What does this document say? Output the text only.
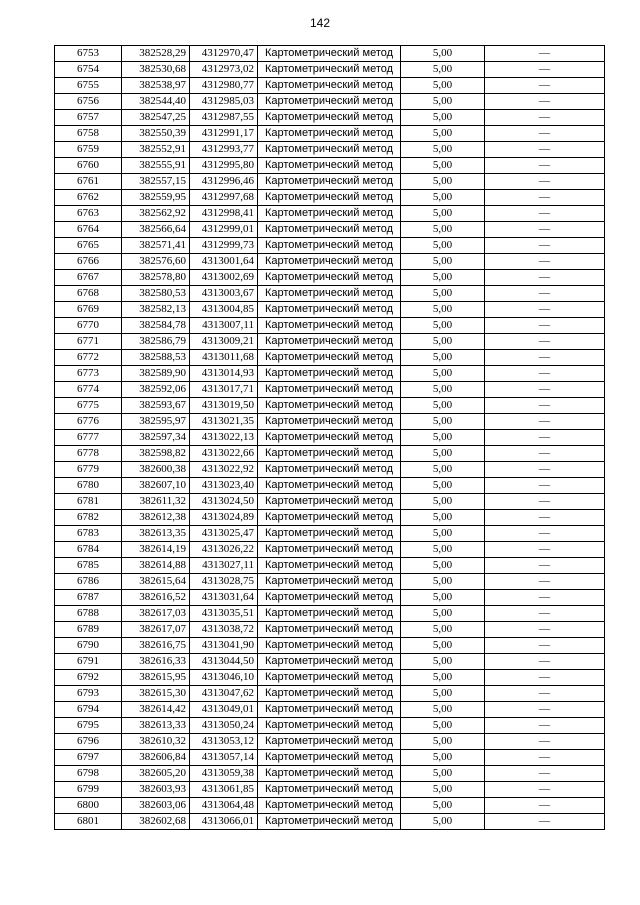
142
6753	382528,29	4312970,47	Картометрический метод	5,00	—
6754	382530,68	4312973,02	Картометрический метод	5,00	—
6755	382538,97	4312980,77	Картометрический метод	5,00	—
6756	382544,40	4312985,03	Картометрический метод	5,00	—
6757	382547,25	4312987,55	Картометрический метод	5,00	—
6758	382550,39	4312991,17	Картометрический метод	5,00	—
6759	382552,91	4312993,77	Картометрический метод	5,00	—
6760	382555,91	4312995,80	Картометрический метод	5,00	—
6761	382557,15	4312996,46	Картометрический метод	5,00	—
6762	382559,95	4312997,68	Картометрический метод	5,00	—
6763	382562,92	4312998,41	Картометрический метод	5,00	—
6764	382566,64	4312999,01	Картометрический метод	5,00	—
6765	382571,41	4312999,73	Картометрический метод	5,00	—
6766	382576,60	4313001,64	Картометрический метод	5,00	—
6767	382578,80	4313002,69	Картометрический метод	5,00	—
6768	382580,53	4313003,67	Картометрический метод	5,00	—
6769	382582,13	4313004,85	Картометрический метод	5,00	—
6770	382584,78	4313007,11	Картометрический метод	5,00	—
6771	382586,79	4313009,21	Картометрический метод	5,00	—
6772	382588,53	4313011,68	Картометрический метод	5,00	—
6773	382589,90	4313014,93	Картометрический метод	5,00	—
6774	382592,06	4313017,71	Картометрический метод	5,00	—
6775	382593,67	4313019,50	Картометрический метод	5,00	—
6776	382595,97	4313021,35	Картометрический метод	5,00	—
6777	382597,34	4313022,13	Картометрический метод	5,00	—
6778	382598,82	4313022,66	Картометрический метод	5,00	—
6779	382600,38	4313022,92	Картометрический метод	5,00	—
6780	382607,10	4313023,40	Картометрический метод	5,00	—
6781	382611,32	4313024,50	Картометрический метод	5,00	—
6782	382612,38	4313024,89	Картометрический метод	5,00	—
6783	382613,35	4313025,47	Картометрический метод	5,00	—
6784	382614,19	4313026,22	Картометрический метод	5,00	—
6785	382614,88	4313027,11	Картометрический метод	5,00	—
6786	382615,64	4313028,75	Картометрический метод	5,00	—
6787	382616,52	4313031,64	Картометрический метод	5,00	—
6788	382617,03	4313035,51	Картометрический метод	5,00	—
6789	382617,07	4313038,72	Картометрический метод	5,00	—
6790	382616,75	4313041,90	Картометрический метод	5,00	—
6791	382616,33	4313044,50	Картометрический метод	5,00	—
6792	382615,95	4313046,10	Картометрический метод	5,00	—
6793	382615,30	4313047,62	Картометрический метод	5,00	—
6794	382614,42	4313049,01	Картометрический метод	5,00	—
6795	382613,33	4313050,24	Картометрический метод	5,00	—
6796	382610,32	4313053,12	Картометрический метод	5,00	—
6797	382606,84	4313057,14	Картометрический метод	5,00	—
6798	382605,20	4313059,38	Картометрический метод	5,00	—
6799	382603,93	4313061,85	Картометрический метод	5,00	—
6800	382603,06	4313064,48	Картометрический метод	5,00	—
6801	382602,68	4313066,01	Картометрический метод	5,00	—
